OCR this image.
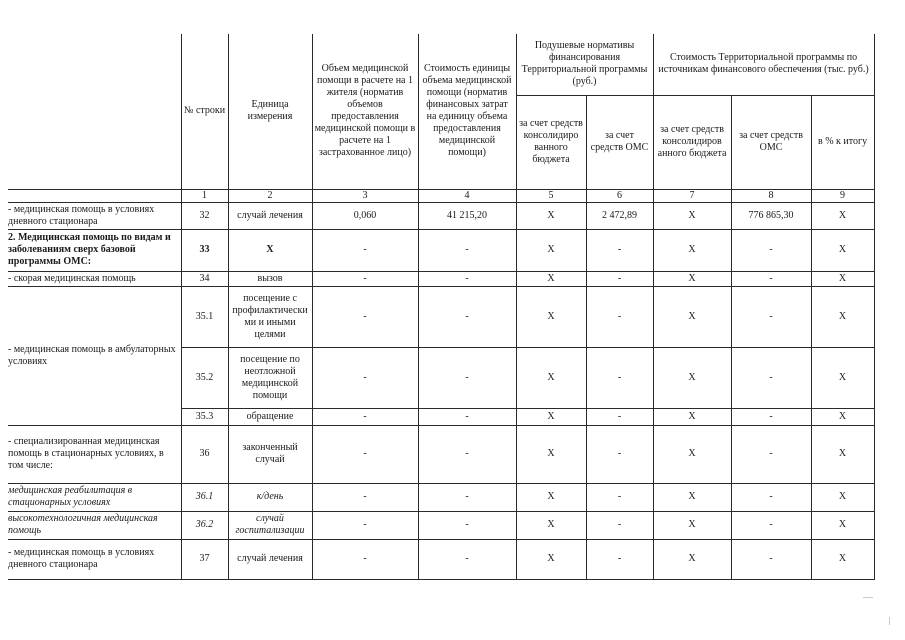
	№ строки	Единица измерения	Объем медицинской помощи в расчете на 1 жителя (норматив объемов предоставления медицинской помощи в расчете на 1 застрахованное лицо)	Стоимость единицы объема медицинской помощи (норматив финансовых затрат на единицу объема предоставления медицинской помощи)	Подушевые нормативы финансирования Территориальной программы (руб.)		Стоимость Территориальной программы по источникам финансового обеспечения (тыс. руб.)		
					за счет средств консолидиро ванного бюджета	за счет средств ОМС	за счет средств консолидиров анного бюджета	за счет средств ОМС	в % к итогу
	1	2	3	4	5	6	7	8	9
- медицинская помощь в условиях дневного стационара	32	случай лечения	0,060	41 215,20	Х	2 472,89	Х	776 865,30	Х
2. Медицинская помощь по видам и заболеваниям сверх базовой программы ОМС:	33	Х	-	-	Х	-	Х	-	Х
- скорая медицинская помощь	34	вызов	-	-	Х	-	Х	-	Х
- медицинская помощь в амбулаторных условиях	35.1	посещение с профилактически ми и иными целями	-	-	Х	-	Х	-	Х
	35.2	посещение по неотложной медицинской помощи	-	-	Х	-	Х	-	Х
	35.3	обращение	-	-	Х	-	Х	-	Х
- специализированная медицинская помощь в стационарных условиях, в том числе:	36	законченный случай	-	-	Х	-	Х	-	Х
медицинская реабилитация в стационарных условиях	36.1	к/день	-	-	Х	-	Х	-	Х
высокотехнологичная медицинская помощь	36.2	случай госпитализации	-	-	Х	-	Х	-	Х
- медицинская помощь в условиях дневного стационара	37	случай лечения	-	-	Х	-	Х	-	Х
